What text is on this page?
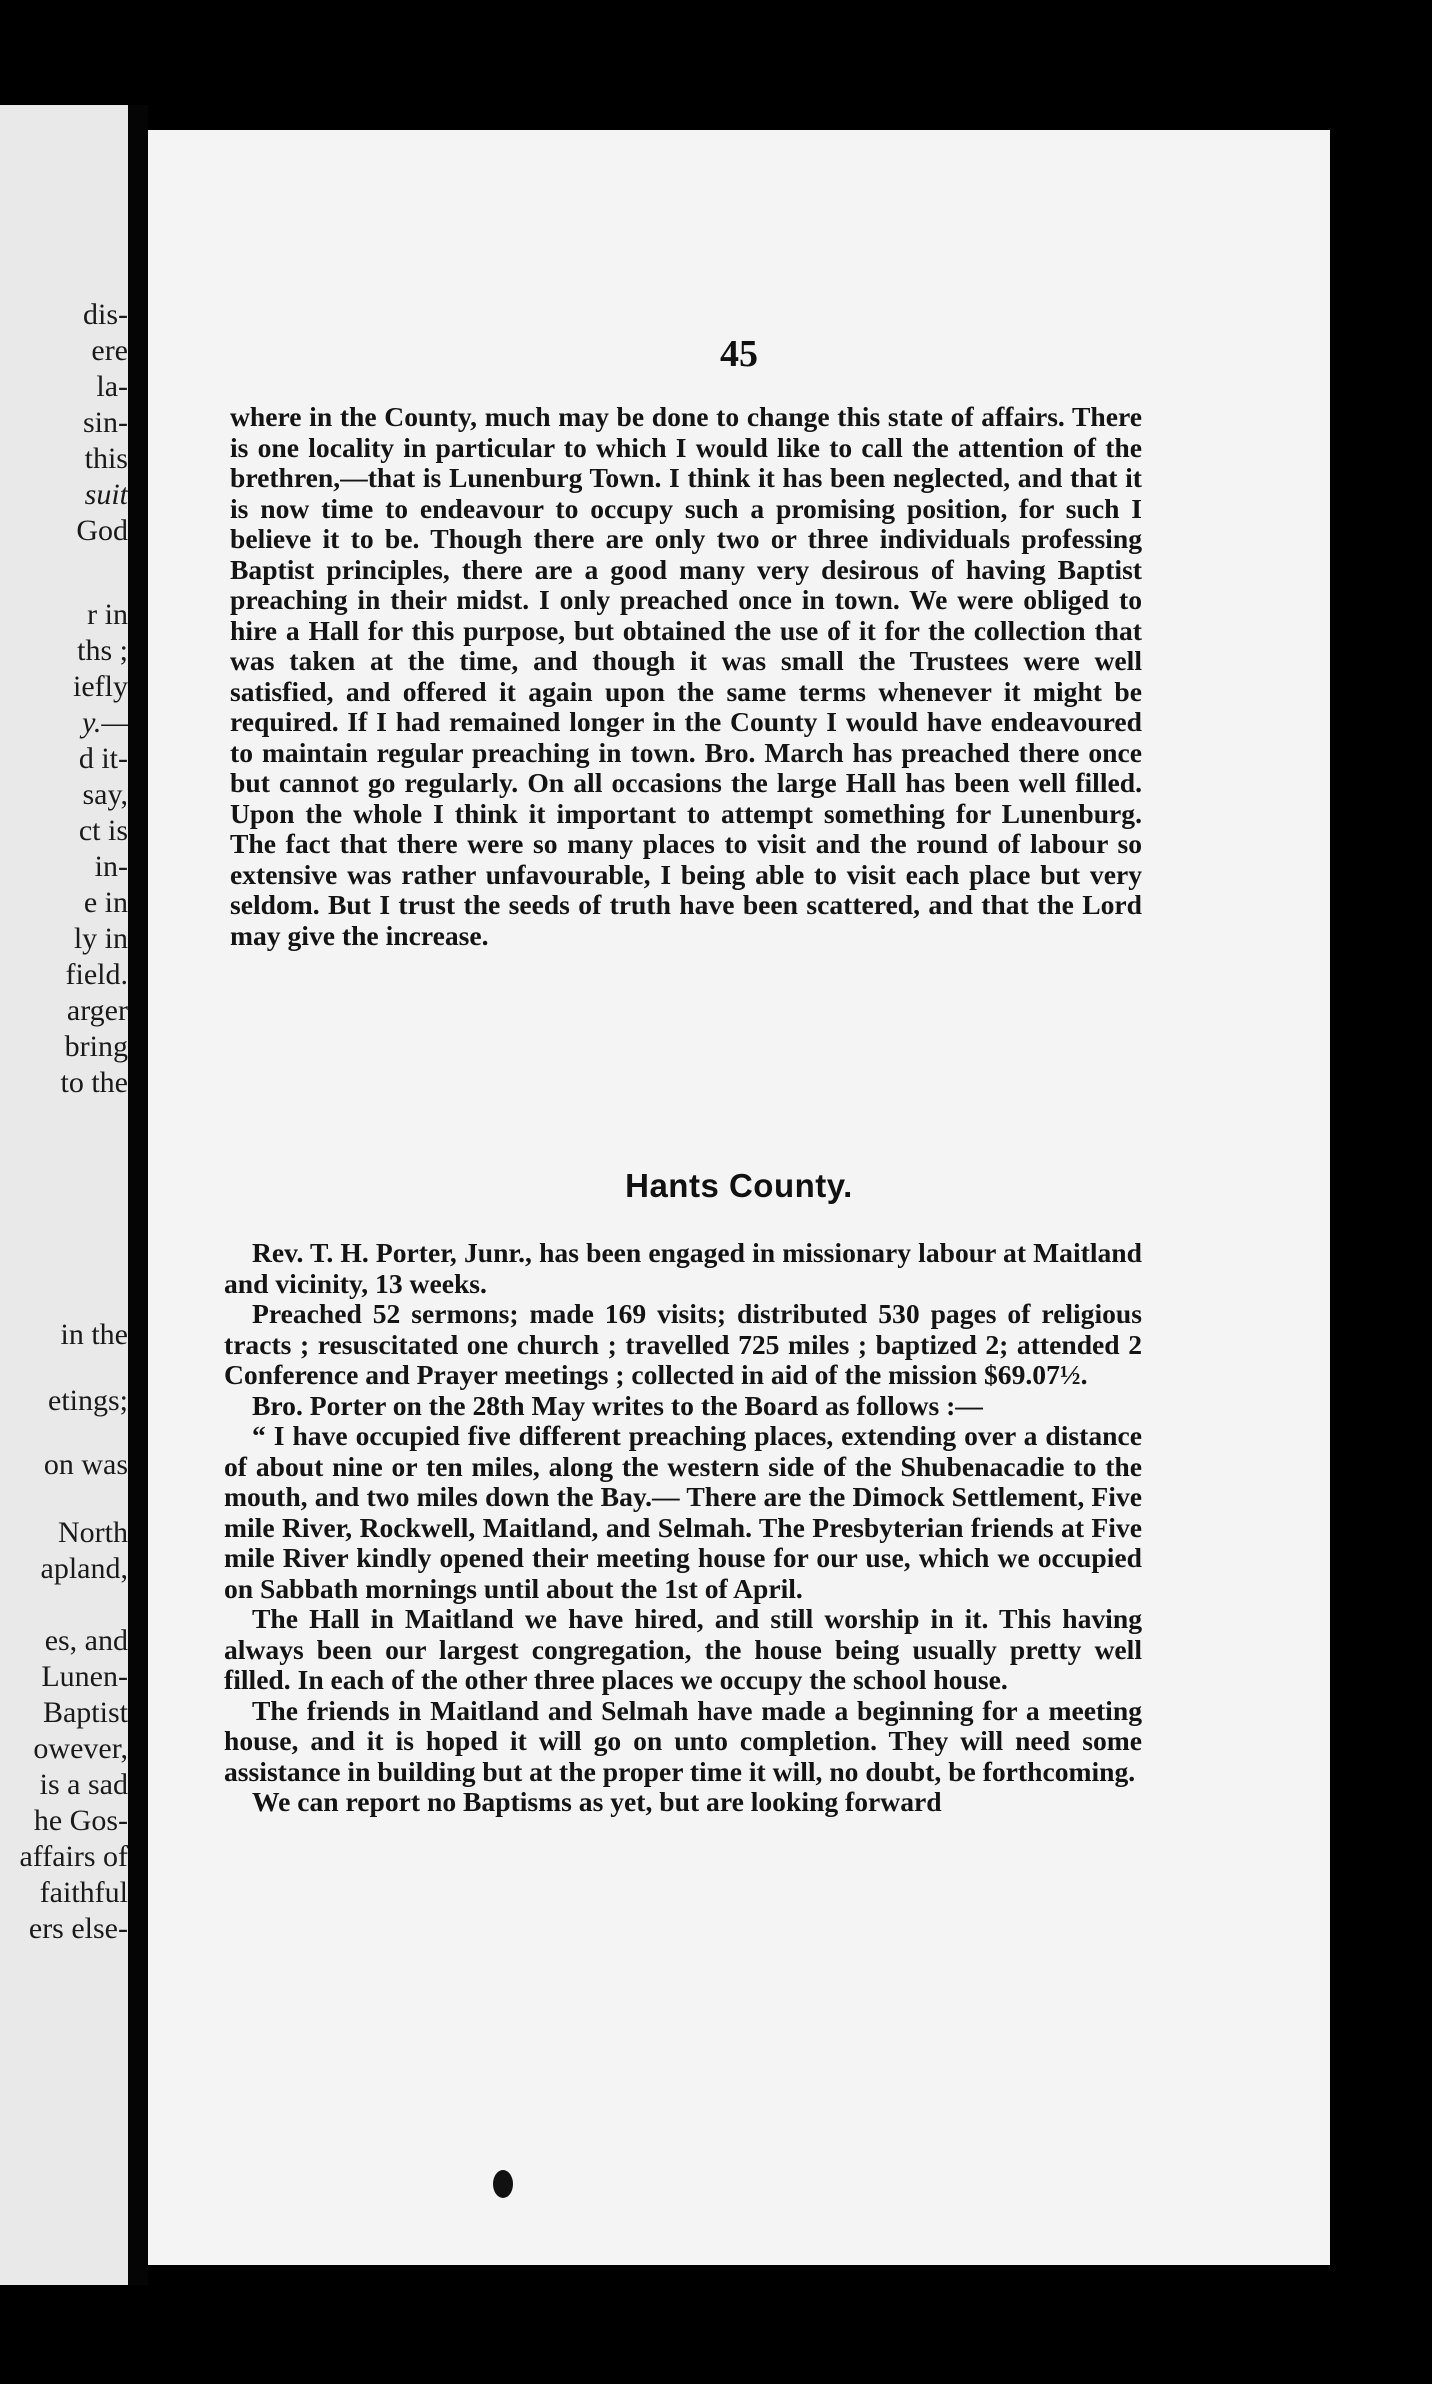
dis-
ere
la-
sin-
this
suit
God
r in
ths ;
iefly
y.—
d it-
say,
ct is
in-
e in
ly in
field.
arger
bring
to the
in the
etings;
on was
North
apland,
es, and
Lunen-
Baptist
owever,
is a sad
he Gos-
affairs of
faithful
ers else-
45

where in the County, much may be done to change this state of affairs. There is one locality in particular to which I would like to call the attention of the brethren,—that is Lunenburg Town. I think it has been neglected, and that it is now time to endeavour to occupy such a promising position, for such I believe it to be. Though there are only two or three individuals professing Baptist principles, there are a good many very desirous of having Baptist preaching in their midst. I only preached once in town. We were obliged to hire a Hall for this purpose, but obtained the use of it for the collection that was taken at the time, and though it was small the Trustees were well satisfied, and offered it again upon the same terms whenever it might be required. If I had remained longer in the County I would have endeavoured to maintain regular preaching in town. Bro. March has preached there once but cannot go regularly. On all occasions the large Hall has been well filled. Upon the whole I think it important to attempt something for Lunenburg. The fact that there were so many places to visit and the round of labour so extensive was rather unfavourable, I being able to visit each place but very seldom. But I trust the seeds of truth have been scattered, and that the Lord may give the increase.

Hants County.

Rev. T. H. Porter, Junr., has been engaged in missionary labour at Maitland and vicinity, 13 weeks.

Preached 52 sermons; made 169 visits; distributed 530 pages of religious tracts ; resuscitated one church ; travelled 725 miles ; baptized 2; attended 2 Conference and Prayer meetings ; collected in aid of the mission $69.07½.

Bro. Porter on the 28th May writes to the Board as follows :—

“ I have occupied five different preaching places, extending over a distance of about nine or ten miles, along the western side of the Shubenacadie to the mouth, and two miles down the Bay.— There are the Dimock Settlement, Five mile River, Rockwell, Maitland, and Selmah. The Presbyterian friends at Five mile River kindly opened their meeting house for our use, which we occupied on Sabbath mornings until about the 1st of April.

The Hall in Maitland we have hired, and still worship in it. This having always been our largest congregation, the house being usually pretty well filled. In each of the other three places we occupy the school house.

The friends in Maitland and Selmah have made a beginning for a meeting house, and it is hoped it will go on unto completion. They will need some assistance in building but at the proper time it will, no doubt, be forthcoming.

We can report no Baptisms as yet, but are looking forward
